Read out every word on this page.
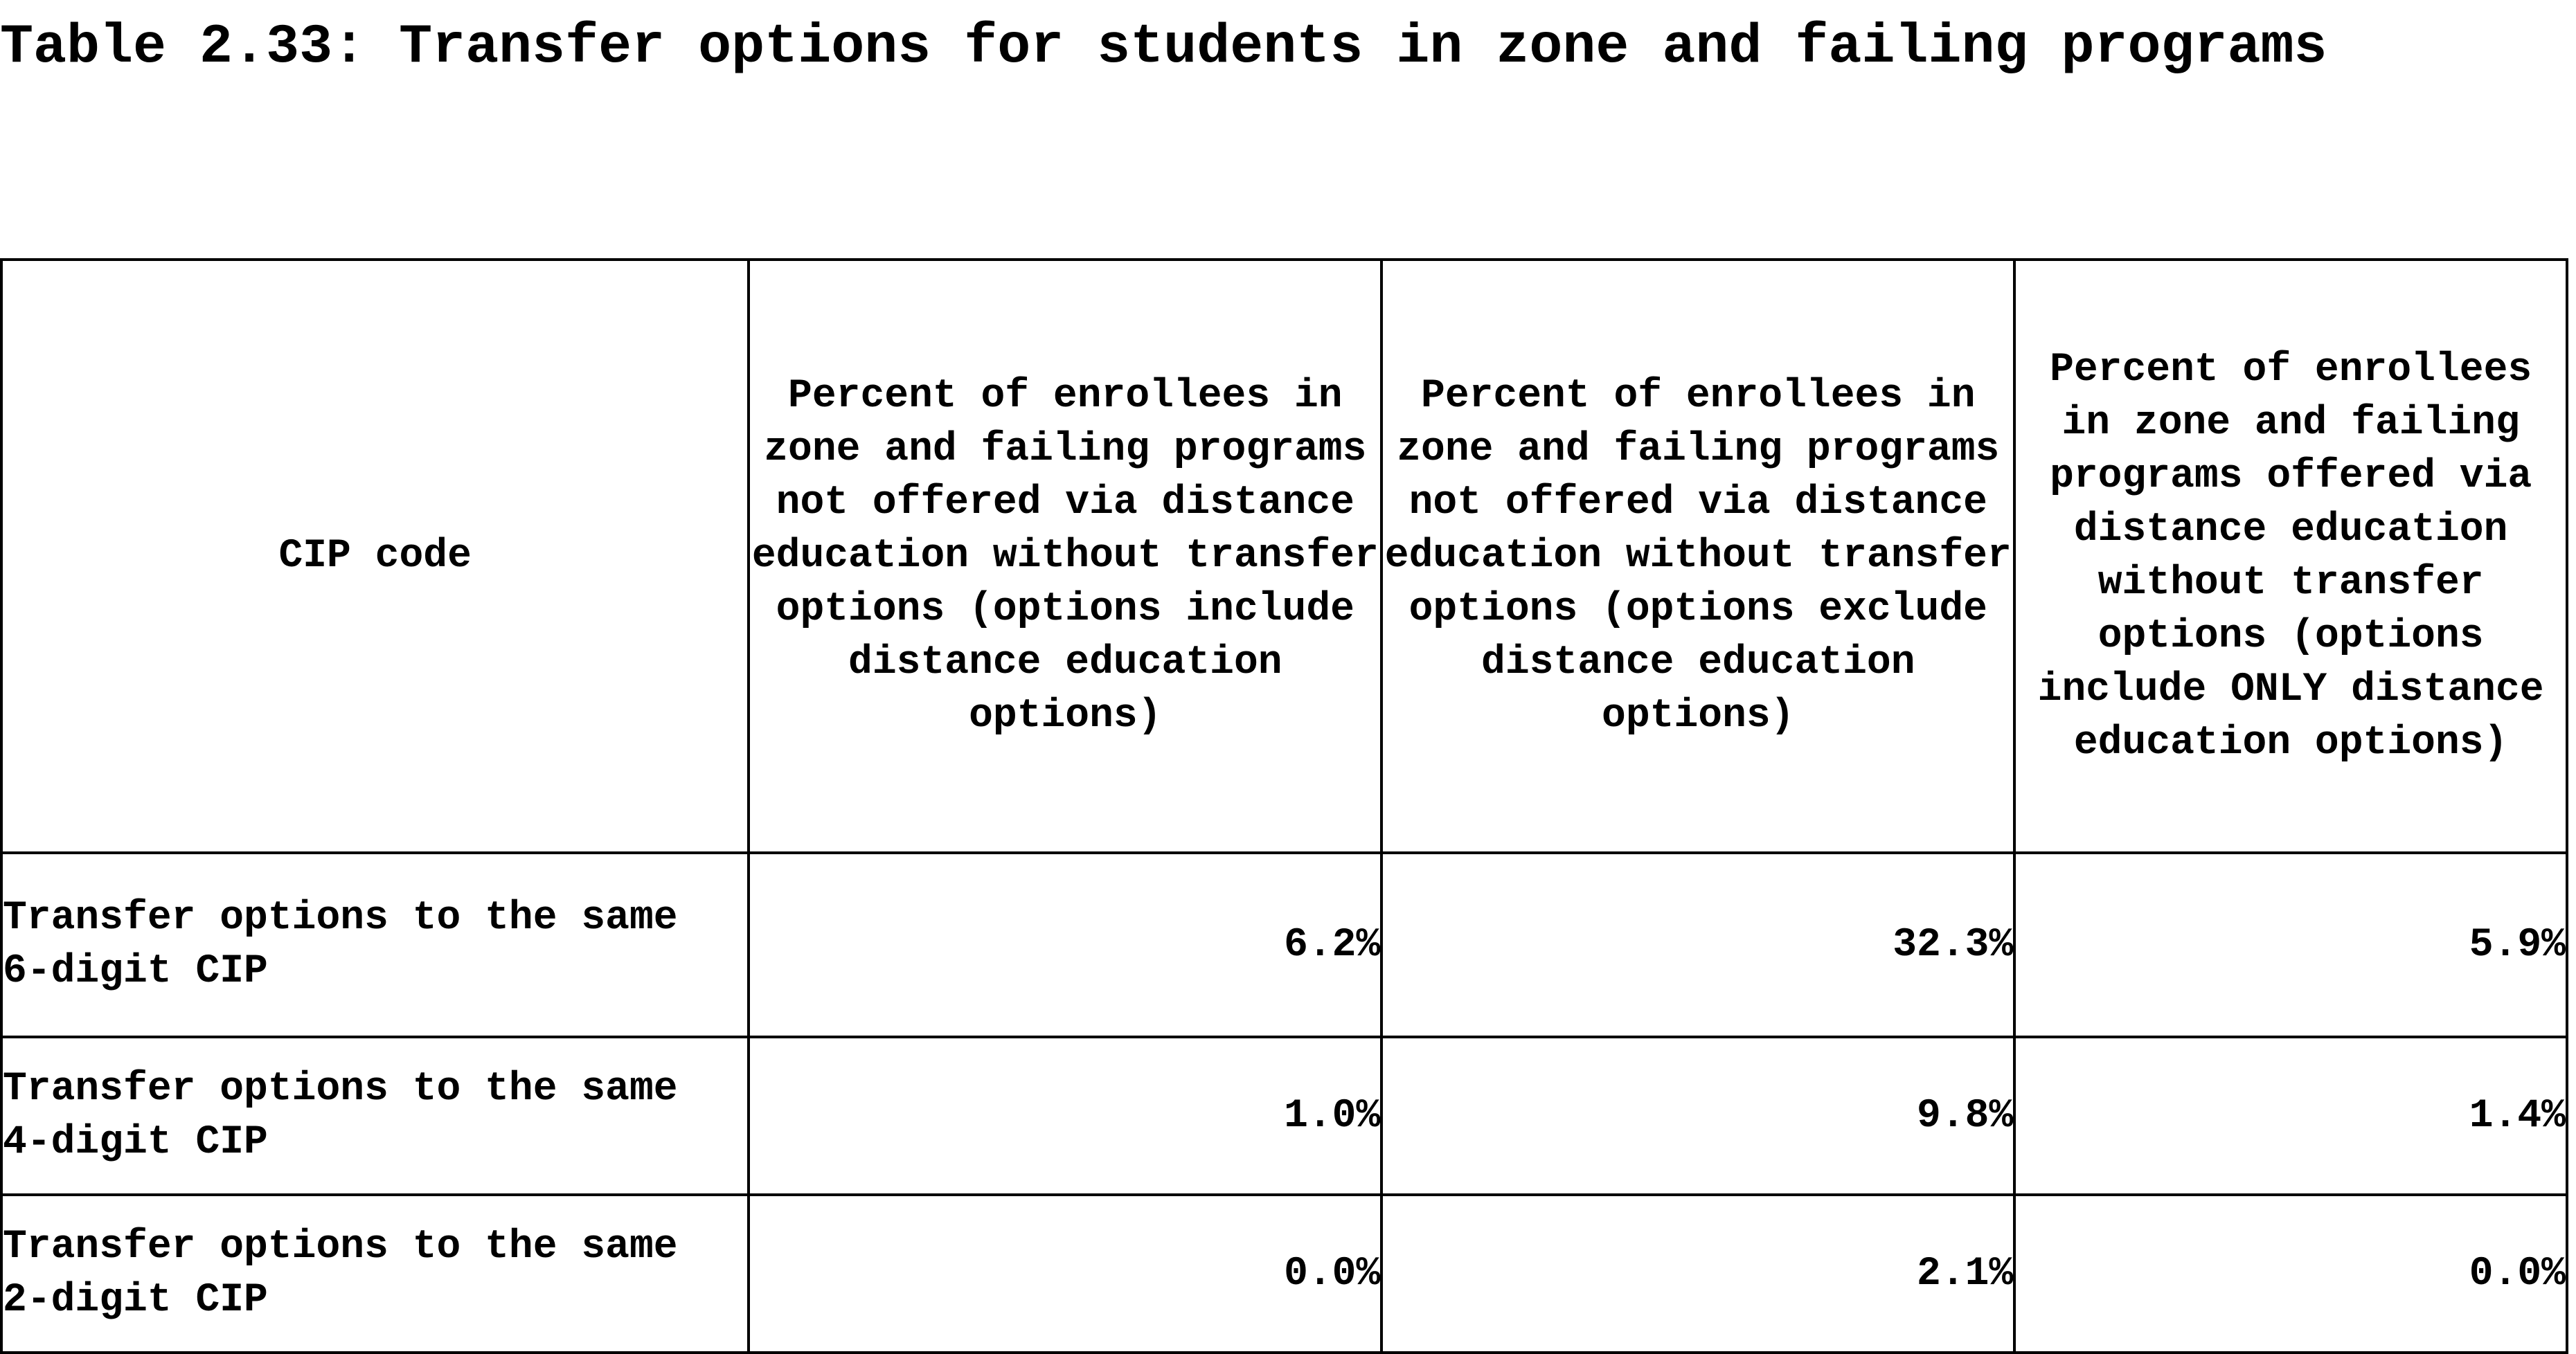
Table 2.33: Transfer options for students in zone and failing programs
CIP code	Percent of enrollees in zone and failing programs not offered via distance education without transfer options (options include distance education options)	Percent of enrollees in zone and failing programs not offered via distance education without transfer options (options exclude distance education options)	Percent of enrollees in zone and failing programs offered via distance education without transfer options (options include ONLY distance education options)
Transfer options to the same 6-digit CIP	6.2%	32.3%	5.9%
Transfer options to the same 4-digit CIP	1.0%	9.8%	1.4%
Transfer options to the same 2-digit CIP	0.0%	2.1%	0.0%
